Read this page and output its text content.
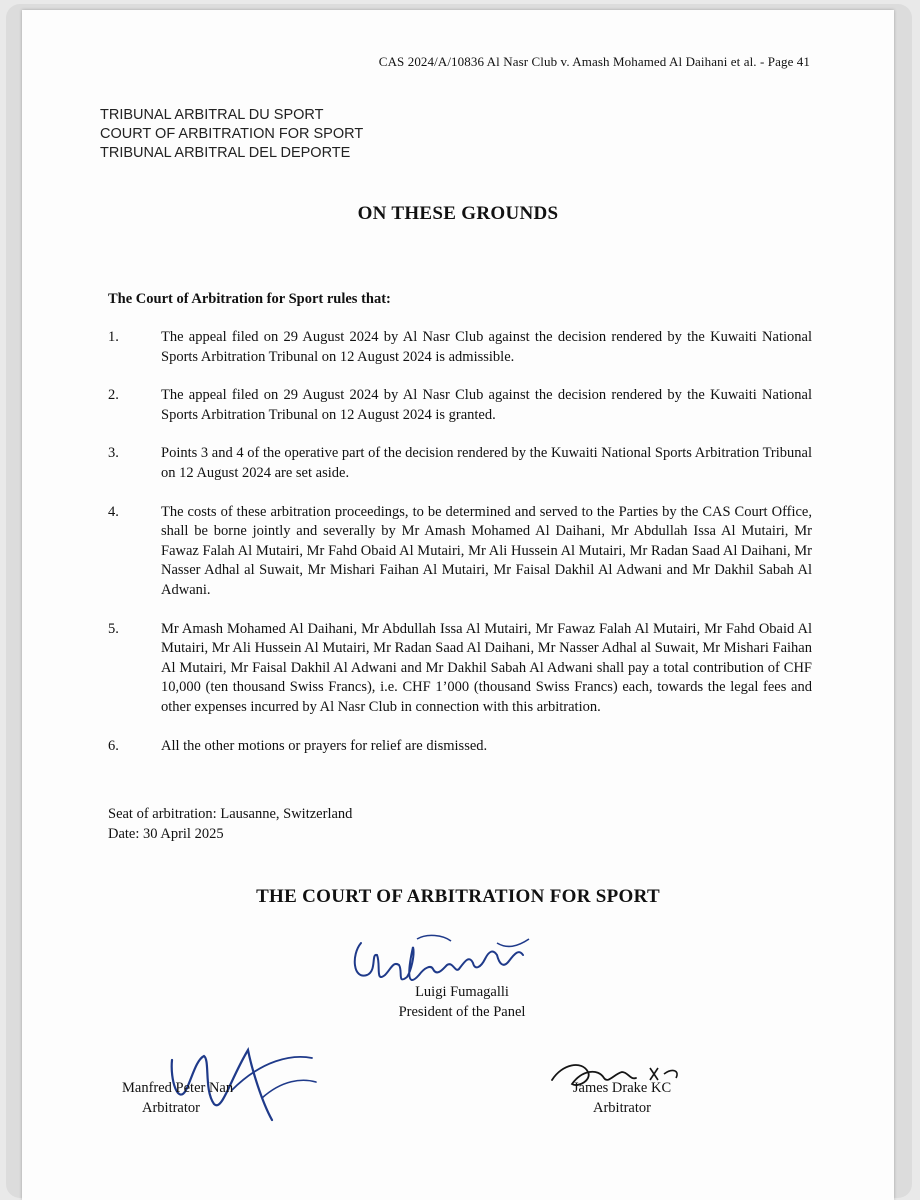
CAS 2024/A/10836 Al Nasr Club v. Amash Mohamed Al Daihani et al. - Page 41
TRIBUNAL ARBITRAL DU SPORT
COURT OF ARBITRATION FOR SPORT
TRIBUNAL ARBITRAL DEL DEPORTE
ON THESE GROUNDS
The Court of Arbitration for Sport rules that:
1.	The appeal filed on 29 August 2024 by Al Nasr Club against the decision rendered by the Kuwaiti National Sports Arbitration Tribunal on 12 August 2024 is admissible.
2.	The appeal filed on 29 August 2024 by Al Nasr Club against the decision rendered by the Kuwaiti National Sports Arbitration Tribunal on 12 August 2024 is granted.
3.	Points 3 and 4 of the operative part of the decision rendered by the Kuwaiti National Sports Arbitration Tribunal on 12 August 2024 are set aside.
4.	The costs of these arbitration proceedings, to be determined and served to the Parties by the CAS Court Office, shall be borne jointly and severally by Mr Amash Mohamed Al Daihani, Mr Abdullah Issa Al Mutairi, Mr Fawaz Falah Al Mutairi, Mr Fahd Obaid Al Mutairi, Mr Ali Hussein Al Mutairi, Mr Radan Saad Al Daihani, Mr Nasser Adhal al Suwait, Mr Mishari Faihan Al Mutairi, Mr Faisal Dakhil Al Adwani and Mr Dakhil Sabah Al Adwani.
5.	Mr Amash Mohamed Al Daihani, Mr Abdullah Issa Al Mutairi, Mr Fawaz Falah Al Mutairi, Mr Fahd Obaid Al Mutairi, Mr Ali Hussein Al Mutairi, Mr Radan Saad Al Daihani, Mr Nasser Adhal al Suwait, Mr Mishari Faihan Al Mutairi, Mr Faisal Dakhil Al Adwani and Mr Dakhil Sabah Al Adwani shall pay a total contribution of CHF 10,000 (ten thousand Swiss Francs), i.e. CHF 1’000 (thousand Swiss Francs) each, towards the legal fees and other expenses incurred by Al Nasr Club in connection with this arbitration.
6.	All the other motions or prayers for relief are dismissed.
Seat of arbitration: Lausanne, Switzerland
Date: 30 April 2025
THE COURT OF ARBITRATION FOR SPORT
Luigi Fumagalli
President of the Panel
Manfred Peter Nan
Arbitrator
James Drake KC
Arbitrator
